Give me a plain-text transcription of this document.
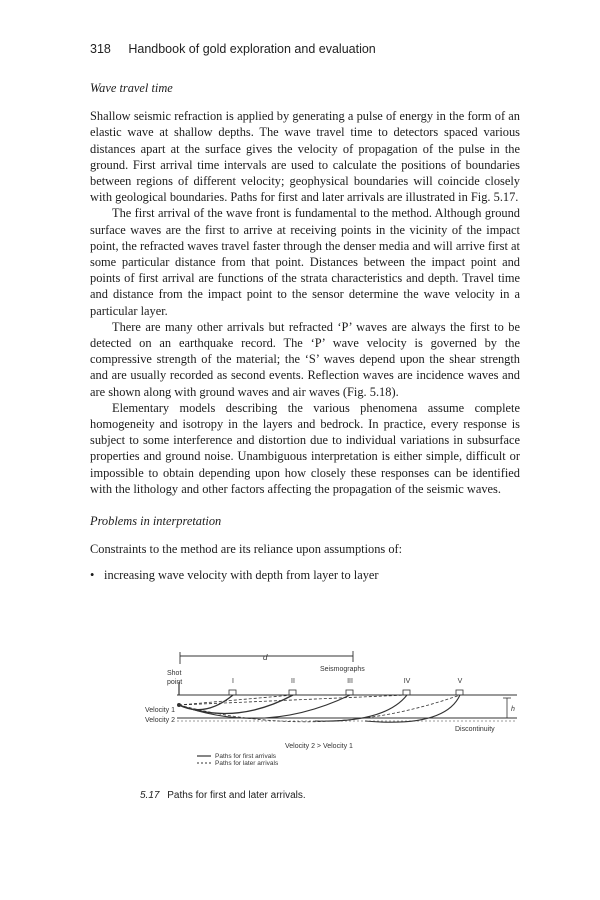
318 Handbook of gold exploration and evaluation
Wave travel time

Shallow seismic refraction is applied by generating a pulse of energy in the form of an elastic wave at shallow depths. The wave travel time to detectors spaced various distances apart at the surface gives the velocity of propagation of the pulse in the ground. First arrival time intervals are used to calculate the positions of boundaries between regions of different velocity; geophysical boundaries will coincide closely with geological boundaries. Paths for first and later arrivals are illustrated in Fig. 5.17.

The first arrival of the wave front is fundamental to the method. Although ground surface waves are the first to arrive at receiving points in the vicinity of the impact point, the refracted waves travel faster through the denser media and will arrive first at some particular distance from that point. Distances between the impact point and points of first arrival are functions of the strata characteristics and depth. Travel time and distance from the impact point to the sensor determine the wave velocity in a particular layer.

There are many other arrivals but refracted ‘P’ waves are always the first to be detected on an earthquake record. The ‘P’ wave velocity is governed by the compressive strength of the material; the ‘S’ waves depend upon the shear strength and are usually recorded as second events. Reflection waves are incidence waves and are shown along with ground waves and air waves (Fig. 5.18).

Elementary models describing the various phenomena assume complete homogeneity and isotropy in the layers and bedrock. In practice, every response is subject to some interference and distortion due to individual variations in subsurface properties and ground noise. Unambiguous interpretation is either simple, difficult or impossible to obtain depending upon how closely these responses can be identified with the lithology and other factors affecting the propagation of the seismic waves.

Problems in interpretation

Constraints to the method are its reliance upon assumptions of:

• increasing wave velocity with depth from layer to layer
d
Shot
point
Seismographs
I	II	III	IV	V
Velocity 1
Velocity 2
h
Discontinuity
Velocity 2 > Velocity 1
Paths for first arrivals
Paths for later arrivals
5.17 Paths for first and later arrivals.
